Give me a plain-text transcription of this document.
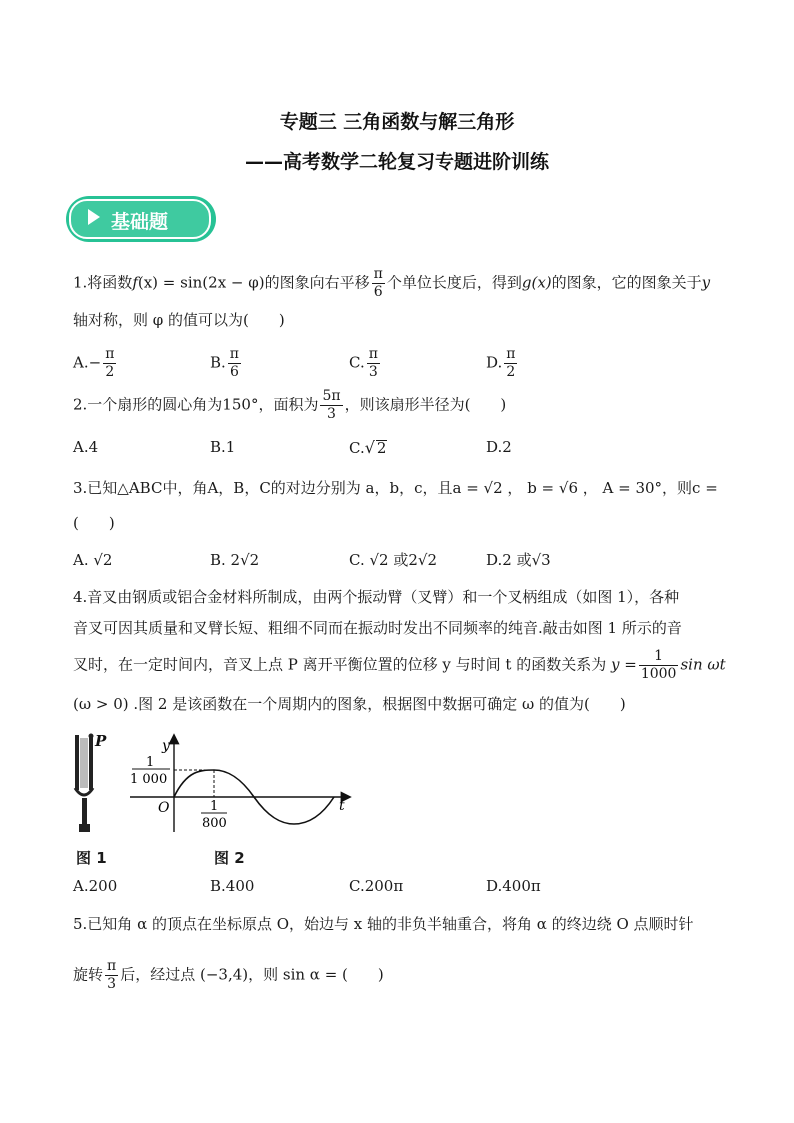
专题三 三角函数与解三角形
——高考数学二轮复习专题进阶训练
基础题
1.将函数f(x) = sin(2x − φ)的图象向右平移 $\frac{\pi}{6}$ 个单位长度后，得到g(x)的图象，它的图象关于y
轴对称，则 φ 的值可以为(　　)
$A.- \frac{\pi}{2}$	B. $\frac{\pi}{6}$	C. $\frac{\pi}{3}$	D. $\frac{\pi}{2}$
2.一个扇形的圆心角为150°，面积为 $\frac{5\pi}{3}$ ，则该扇形半径为(　　)
A.4	B.1	C.√ 2	D.2
3.已知△ABC中，角A，B，C的对边分别为 a，b，c，且a = √2 ， b = √6 ， A = 30°，则c =
(　　)
A. √2	B. 2√2	C. √2 或2√2	D.2 或√3
4.音叉由钢质或铝合金材料所制成，由两个振动臂（叉臂）和一个叉柄组成（如图 1），各种
音叉可因其质量和叉臂长短、粗细不同而在振动时发出不同频率的纯音.敲击如图 1 所示的音
叉时，在一定时间内，音叉上点 P 离开平衡位置的位移 y 与时间 t 的函数关系为 $y = \frac{1}{1000}$ sin ωt
(ω > 0) .图 2 是该函数在一个周期内的图象，根据图中数据可确定 ω 的值为(　　)
P	y
t
O
1
1 000
1
800
图 1	图 2
A.200	B.400	C.200π	D.400π
5.已知角 α 的顶点在坐标原点 O，始边与 x 轴的非负半轴重合，将角 α 的终边绕 O 点顺时针
旋转 $\frac{\pi}{3}$ 后，经过点 (−3,4)，则 sin α = (　　)
